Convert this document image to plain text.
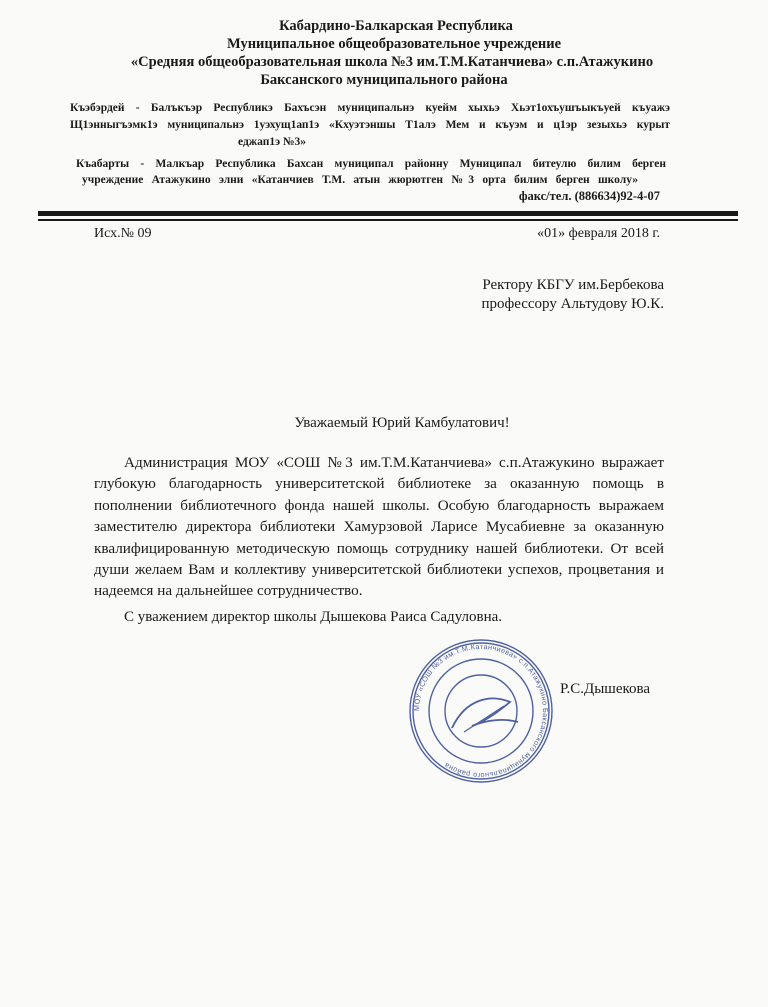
Кабардино-Балкарская Республика
Муниципальное общеобразовательное учреждение
«Средняя общеобразовательная школа №3 им.Т.М.Катанчиева» с.п.Атажукино
Баксанского муниципального района
Къэбэрдей - Балъкъэр Республикэ Бахъсэн муниципальнэ куейм хыхьэ Хьэт1охъушъыкъуей къуажэ
Щ1энныгъэмк1э муниципальнэ 1уэхущ1ап1э «Кхуэтэншы Т1алэ Мем и къуэм и ц1эр зезыхьэ курыт
еджап1э №3»
Къабарты - Малкъар Республика Бахсан муниципал районну Муниципал битеулю билим берген
учреждение Атажукино элни «Катанчиев Т.М. атын жюрютген №3 орта билим берген школу»
факс/тел. (886634)92-4-07
Исх.№ 09	«01» февраля 2018 г.
Ректору КБГУ им.Бербекова
профессору Альтудову Ю.К.
Уважаемый Юрий Камбулатович!

Администрация МОУ «СОШ №3 им.Т.М.Катанчиева» с.п.Атажукино выражает глубокую благодарность университетской библиотеке за оказанную помощь в пополнении библиотечного фонда нашей школы. Особую благодарность выражаем заместителю директора библиотеки Хамурзовой Ларисе Мусабиевне за оказанную квалифицированную методическую помощь сотруднику нашей библиотеки. От всей души желаем Вам и коллективу университетской библиотеки успехов, процветания и надеемся на дальнейшее сотрудничество.

С уважением директор школы Дышекова Раиса Садуловна.
МОУ «СОШ №3 им.Т.М.Катанчиева» с.п.Атажукино Баксанского муниципального района
Р.С.Дышекова
